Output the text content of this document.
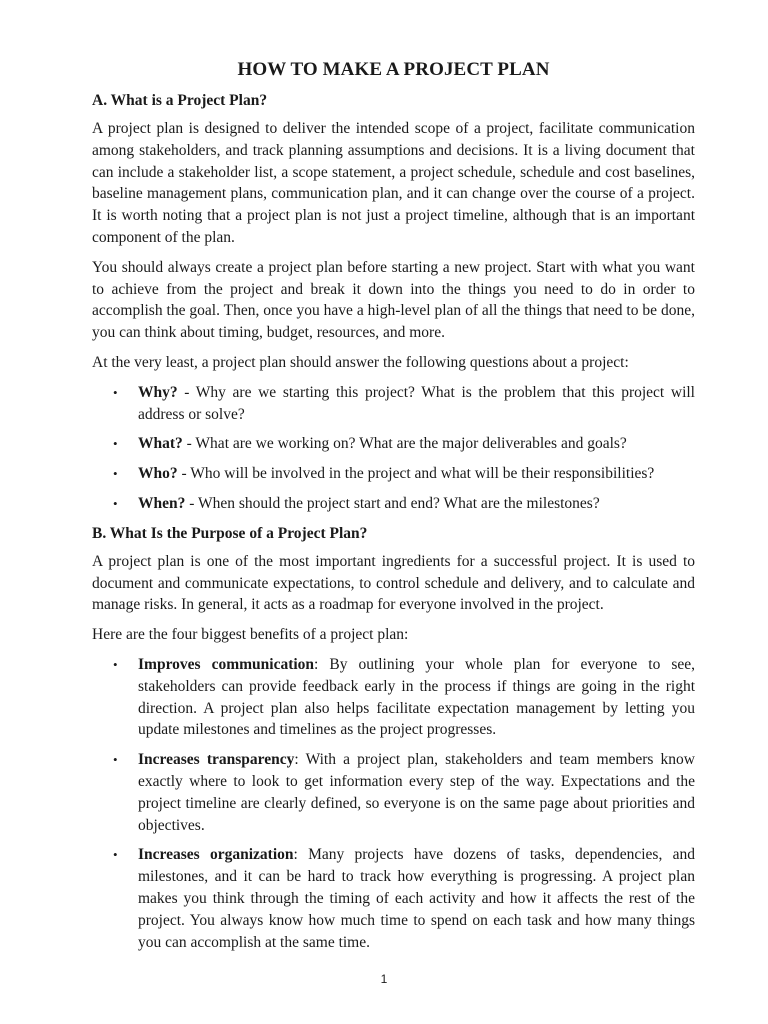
HOW TO MAKE A PROJECT PLAN
A. What is a Project Plan?

A project plan is designed to deliver the intended scope of a project, facilitate communication among stakeholders, and track planning assumptions and decisions. It is a living document that can include a stakeholder list, a scope statement, a project schedule, schedule and cost baselines, baseline management plans, communication plan, and it can change over the course of a project. It is worth noting that a project plan is not just a project timeline, although that is an important component of the plan.

You should always create a project plan before starting a new project. Start with what you want to achieve from the project and break it down into the things you need to do in order to accomplish the goal. Then, once you have a high-level plan of all the things that need to be done, you can think about timing, budget, resources, and more.

At the very least, a project plan should answer the following questions about a project:

• Why? - Why are we starting this project? What is the problem that this project will address or solve?
• What? - What are we working on? What are the major deliverables and goals?
• Who? - Who will be involved in the project and what will be their responsibilities?
• When? - When should the project start and end? What are the milestones?
B. What Is the Purpose of a Project Plan?

A project plan is one of the most important ingredients for a successful project. It is used to document and communicate expectations, to control schedule and delivery, and to calculate and manage risks. In general, it acts as a roadmap for everyone involved in the project.

Here are the four biggest benefits of a project plan:

• Improves communication: By outlining your whole plan for everyone to see, stakeholders can provide feedback early in the process if things are going in the right direction. A project plan also helps facilitate expectation management by letting you update milestones and timelines as the project progresses.
• Increases transparency: With a project plan, stakeholders and team members know exactly where to look to get information every step of the way. Expectations and the project timeline are clearly defined, so everyone is on the same page about priorities and objectives.
• Increases organization: Many projects have dozens of tasks, dependencies, and milestones, and it can be hard to track how everything is progressing. A project plan makes you think through the timing of each activity and how it affects the rest of the project. You always know how much time to spend on each task and how many things you can accomplish at the same time.
1
